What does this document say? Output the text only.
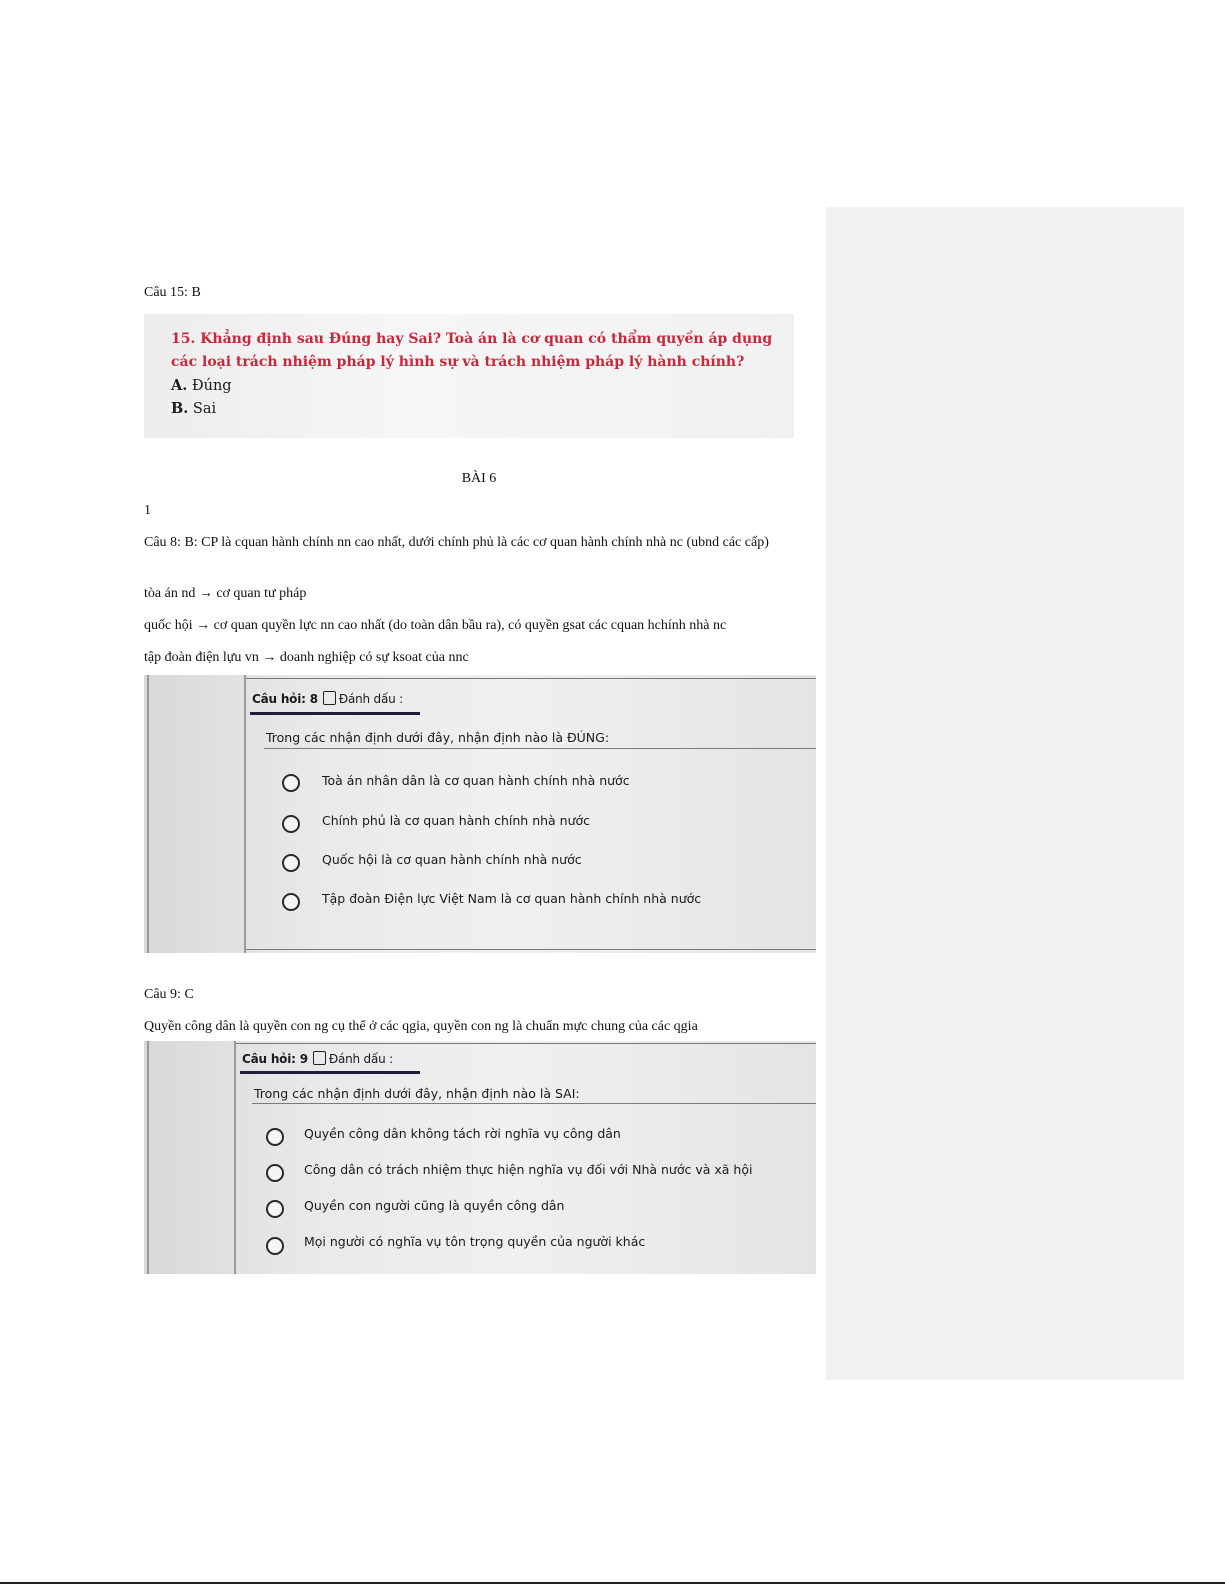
Câu 15: B
15. Khẳng định sau Đúng hay Sai? Toà án là cơ quan có thẩm quyền áp dụng các loại trách nhiệm pháp lý hình sự và trách nhiệm pháp lý hành chính?
A. Đúng
B. Sai
BÀI 6
1
Câu 8: B: CP là cquan hành chính nn cao nhất, dưới chính phủ là các cơ quan hành chính nhà nc (ubnd các cấp)
tòa án nd → cơ quan tư pháp
quốc hội → cơ quan quyền lực nn cao nhất (do toàn dân bầu ra), có quyền gsat các cquan hchính nhà nc
tập đoàn điện lựu vn → doanh nghiệp có sự ksoat của nnc
Câu hỏi: 8 Đánh dấu :
Trong các nhận định dưới đây, nhận định nào là ĐÚNG:
Toà án nhân dân là cơ quan hành chính nhà nước
Chính phủ là cơ quan hành chính nhà nước
Quốc hội là cơ quan hành chính nhà nước
Tập đoàn Điện lực Việt Nam là cơ quan hành chính nhà nước
Câu 9: C
Quyền công dân là quyền con ng cụ thể ở các qgia, quyền con ng là chuẩn mực chung của các qgia
Câu hỏi: 9 Đánh dấu :
Trong các nhận định dưới đây, nhận định nào là SAI:
Quyền công dân không tách rời nghĩa vụ công dân
Công dân có trách nhiệm thực hiện nghĩa vụ đối với Nhà nước và xã hội
Quyền con người cũng là quyền công dân
Mọi người có nghĩa vụ tôn trọng quyền của người khác
